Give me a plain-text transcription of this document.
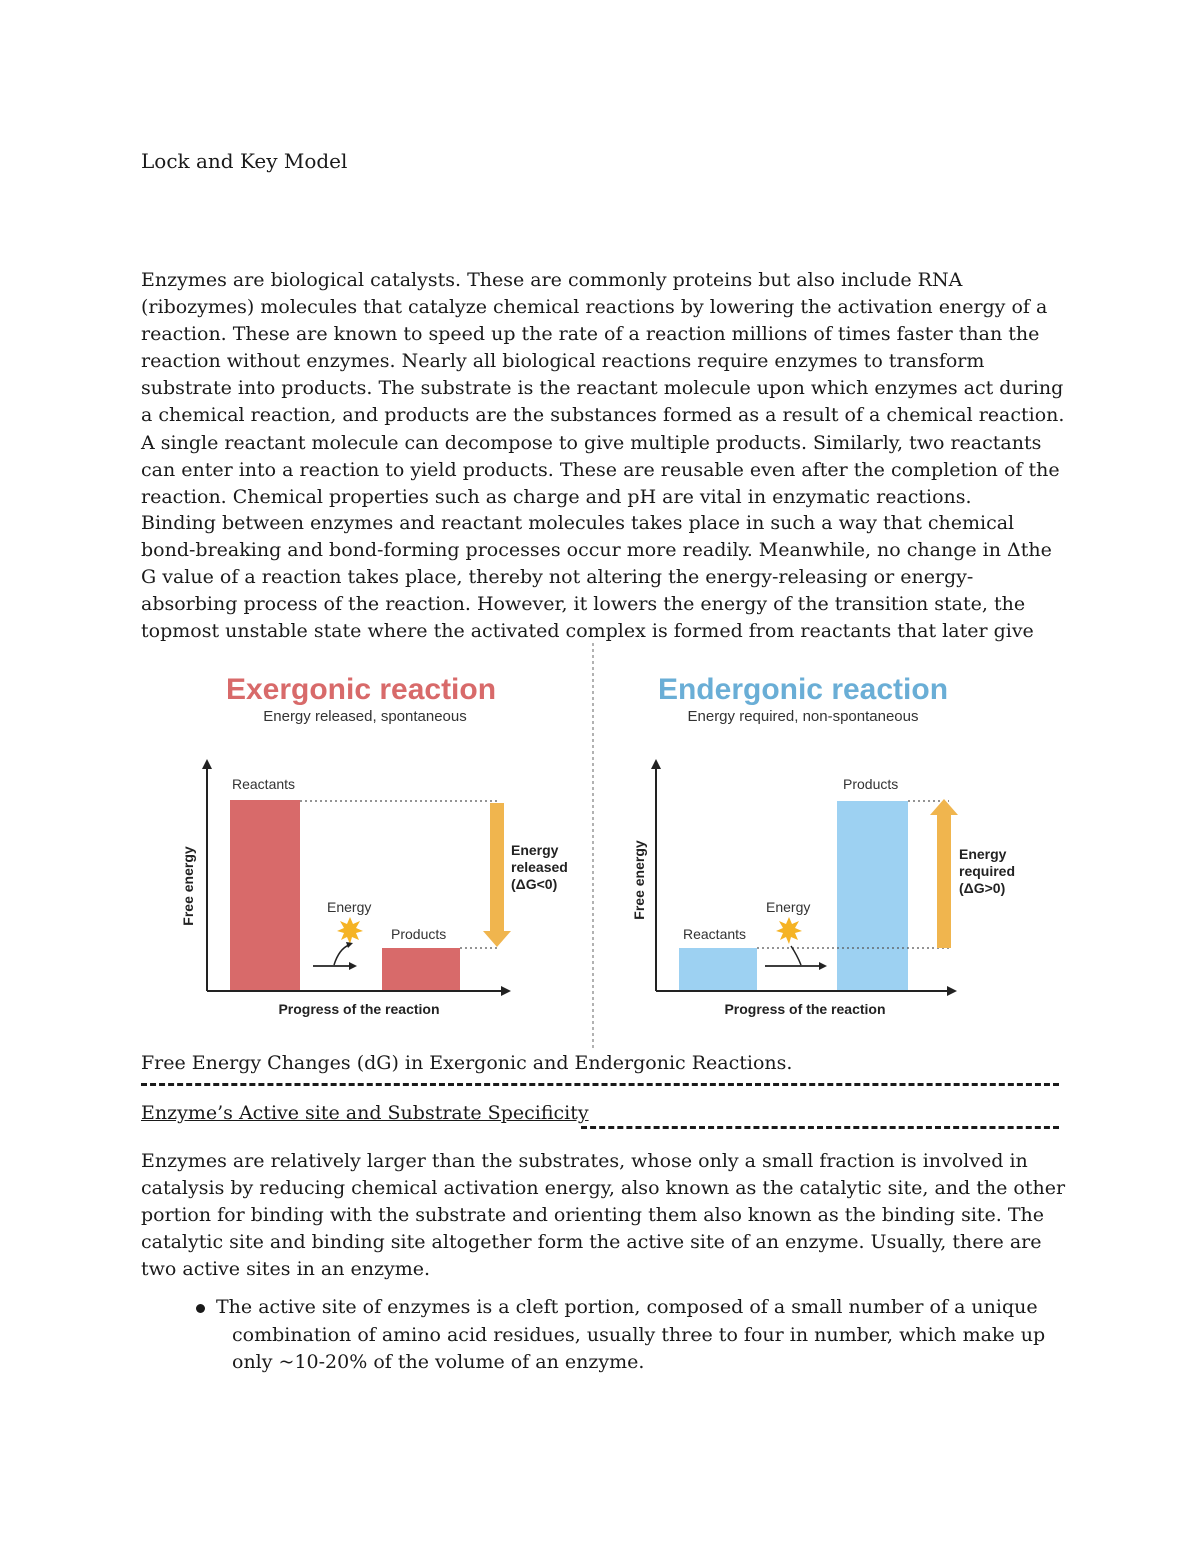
Lock and Key Model

Enzymes are biological catalysts. These are commonly proteins but also include RNA (ribozymes) molecules that catalyze chemical reactions by lowering the activation energy of a reaction. These are known to speed up the rate of a reaction millions of times faster than the reaction without enzymes. Nearly all biological reactions require enzymes to transform substrate into products. The substrate is the reactant molecule upon which enzymes act during a chemical reaction, and products are the substances formed as a result of a chemical reaction. A single reactant molecule can decompose to give multiple products. Similarly, two reactants can enter into a reaction to yield products. These are reusable even after the completion of the reaction. Chemical properties such as charge and pH are vital in enzymatic reactions.

Binding between enzymes and reactant molecules takes place in such a way that chemical bond-breaking and bond-forming processes occur more readily. Meanwhile, no change in Δthe G value of a reaction takes place, thereby not altering the energy-releasing or energy-absorbing process of the reaction. However, it lowers the energy of the transition state, the topmost unstable state where the activated complex is formed from reactants that later give

Exergonic reaction
Energy released, spontaneous
Reactants
Products
Energy
Energy
released
(ΔG<0)
Free energy
Progress of the reaction
Endergonic reaction
Energy required, non-spontaneous
Reactants
Products
Energy
Energy
required
(ΔG>0)
Free energy
Progress of the reaction
Free Energy Changes (dG) in Exergonic and Endergonic Reactions.
Enzyme’s Active site and Substrate Specificity

Enzymes are relatively larger than the substrates, whose only a small fraction is involved in catalysis by reducing chemical activation energy, also known as the catalytic site, and the other portion for binding with the substrate and orienting them also known as the binding site. The catalytic site and binding site altogether form the active site of an enzyme. Usually, there are two active sites in an enzyme.

The active site of enzymes is a cleft portion, composed of a small number of a unique
combination of amino acid residues, usually three to four in number, which make up
only ~10-20% of the volume of an enzyme.
